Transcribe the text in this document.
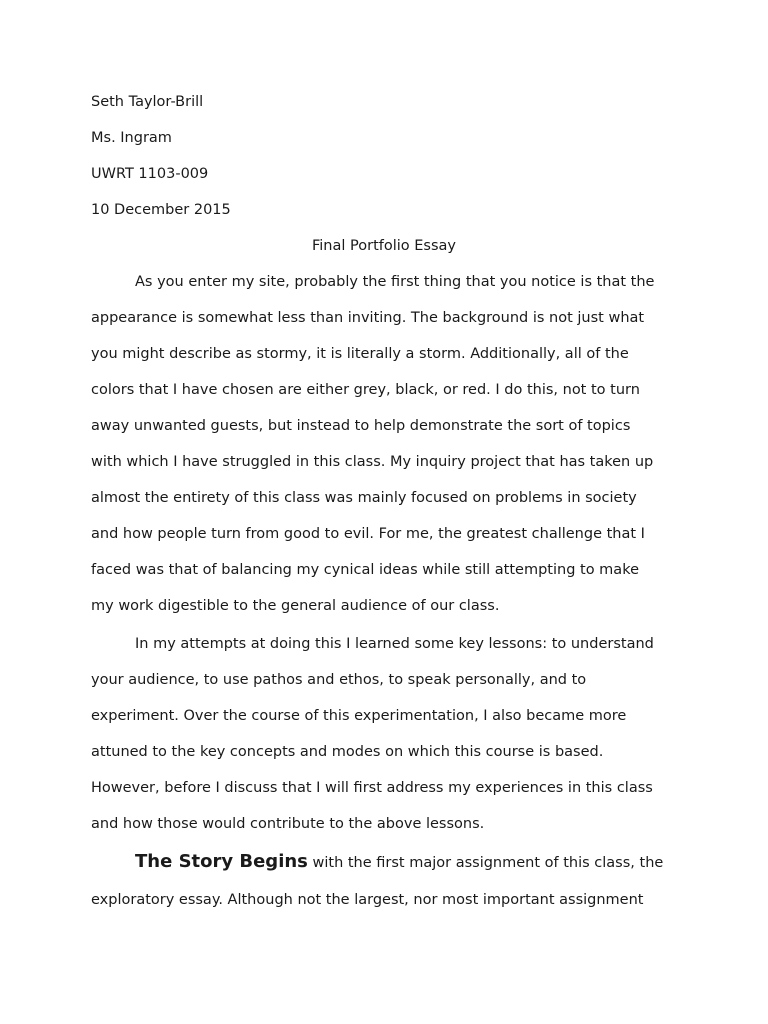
Seth Taylor-Brill
Ms. Ingram
UWRT 1103-009
10 December 2015
Final Portfolio Essay
As you enter my site, probably the first thing that you notice is that the
appearance is somewhat less than inviting. The background is not just what
you might describe as stormy, it is literally a storm. Additionally, all of the
colors that I have chosen are either grey, black, or red. I do this, not to turn
away unwanted guests, but instead to help demonstrate the sort of topics
with which I have struggled in this class. My inquiry project that has taken up
almost the entirety of this class was mainly focused on problems in society
and how people turn from good to evil. For me, the greatest challenge that I
faced was that of balancing my cynical ideas while still attempting to make
my work digestible to the general audience of our class.
In my attempts at doing this I learned some key lessons: to understand
your audience, to use pathos and ethos, to speak personally, and to
experiment. Over the course of this experimentation, I also became more
attuned to the key concepts and modes on which this course is based.
However, before I discuss that I will first address my experiences in this class
and how those would contribute to the above lessons.
The Story Begins with the first major assignment of this class, the
exploratory essay. Although not the largest, nor most important assignment
